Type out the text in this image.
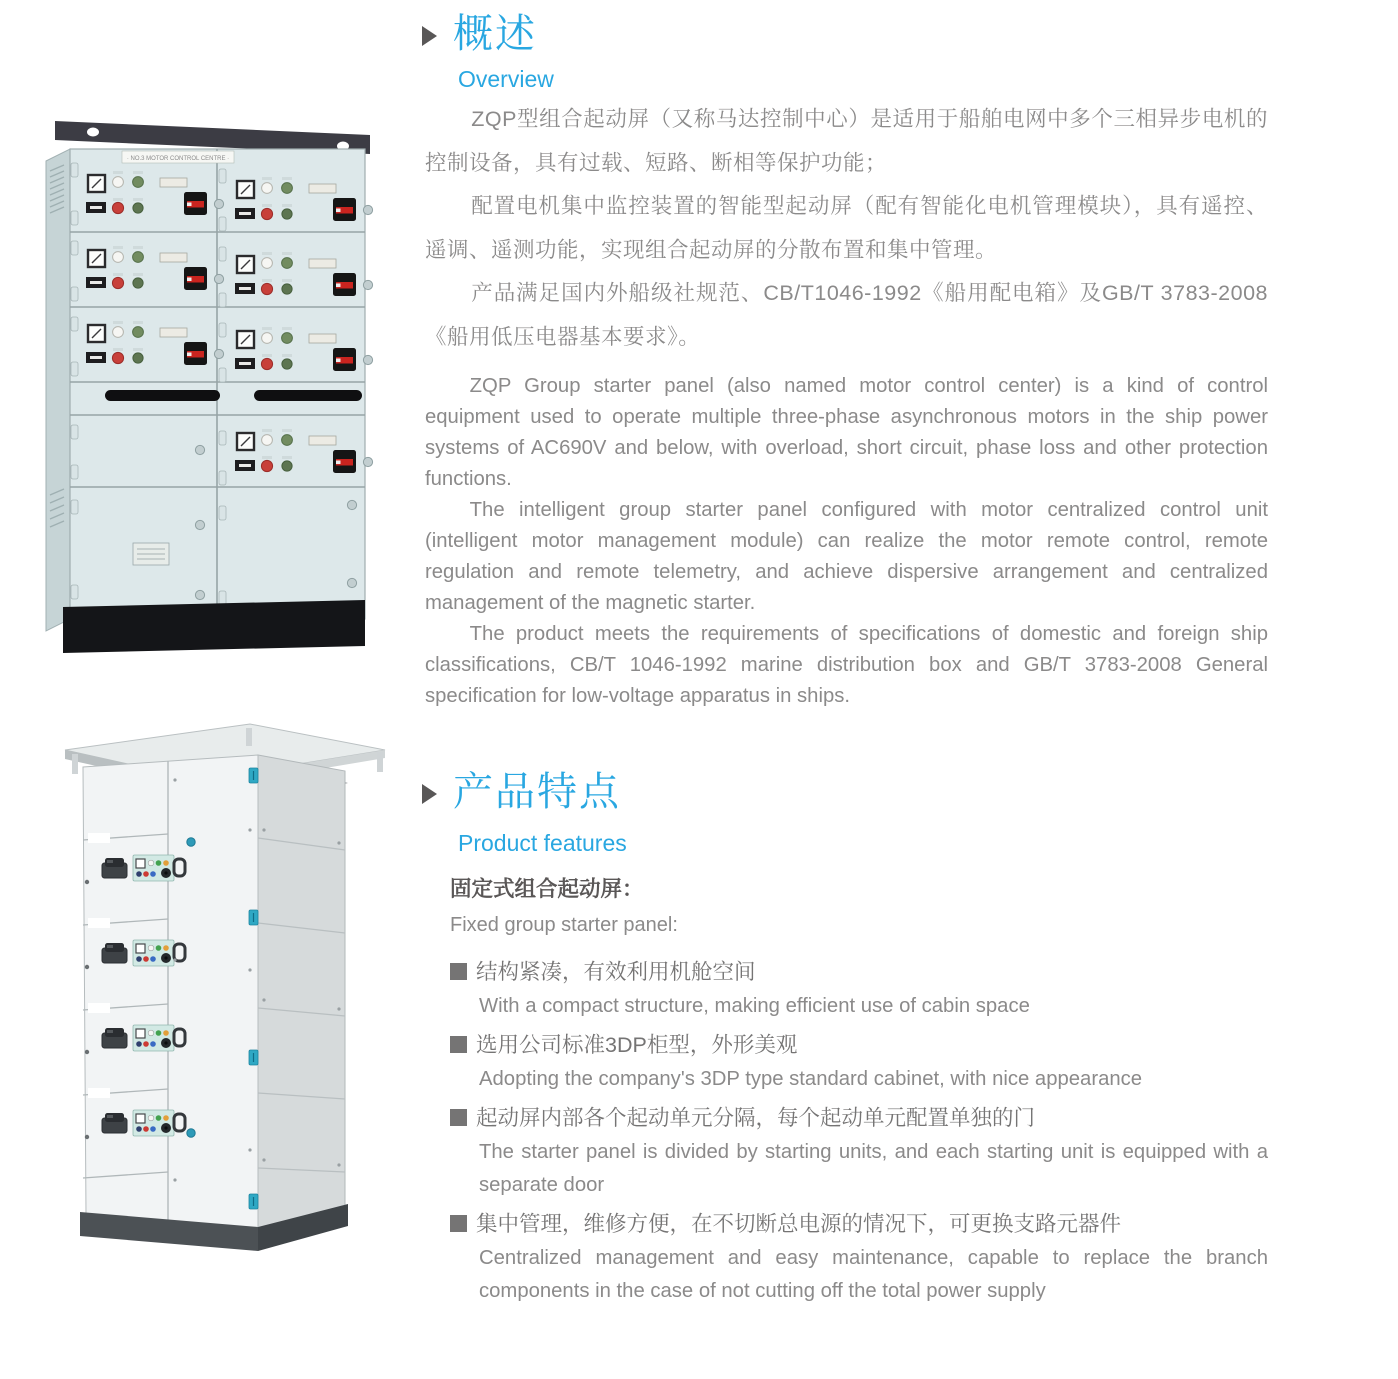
· NO.3 MOTOR CONTROL CENTRE ·
概述
Overview

ZQP型组合起动屏（又称马达控制中心）是适用于船舶电网中多个三相异步电机的控制设备，具有过载、短路、断相等保护功能；

配置电机集中监控装置的智能型起动屏（配有智能化电机管理模块），具有遥控、遥调、遥测功能，实现组合起动屏的分散布置和集中管理。

产品满足国内外船级社规范、CB/T1046-1992《船用配电箱》及GB/T 3783-2008《船用低压电器基本要求》。

ZQP Group starter panel (also named motor control center) is a kind of control equipment used to operate multiple three-phase asynchronous motors in the ship power systems of AC690V and below, with overload, short circuit, phase loss and other protection functions.

The intelligent group starter panel configured with motor centralized control unit (intelligent motor management module) can realize the motor remote control, remote regulation and remote telemetry, and achieve dispersive arrangement and centralized management of the magnetic starter.

The product meets the requirements of specifications of domestic and foreign ship classifications, CB/T 1046-1992 marine distribution box and GB/T 3783-2008 General specification for low-voltage apparatus in ships.

产品特点
Product features
固定式组合起动屏：
Fixed group starter panel:
结构紧凑，有效利用机舱空间
With a compact structure, making efficient use of cabin space
选用公司标准3DP柜型，外形美观
Adopting the company's 3DP type standard cabinet, with nice appearance
起动屏内部各个起动单元分隔，每个起动单元配置单独的门
The starter panel is divided by starting units, and each starting unit is equipped with a separate door
集中管理，维修方便，在不切断总电源的情况下，可更换支路元器件
Centralized management and easy maintenance, capable to replace the branch components in the case of not cutting off the total power supply
